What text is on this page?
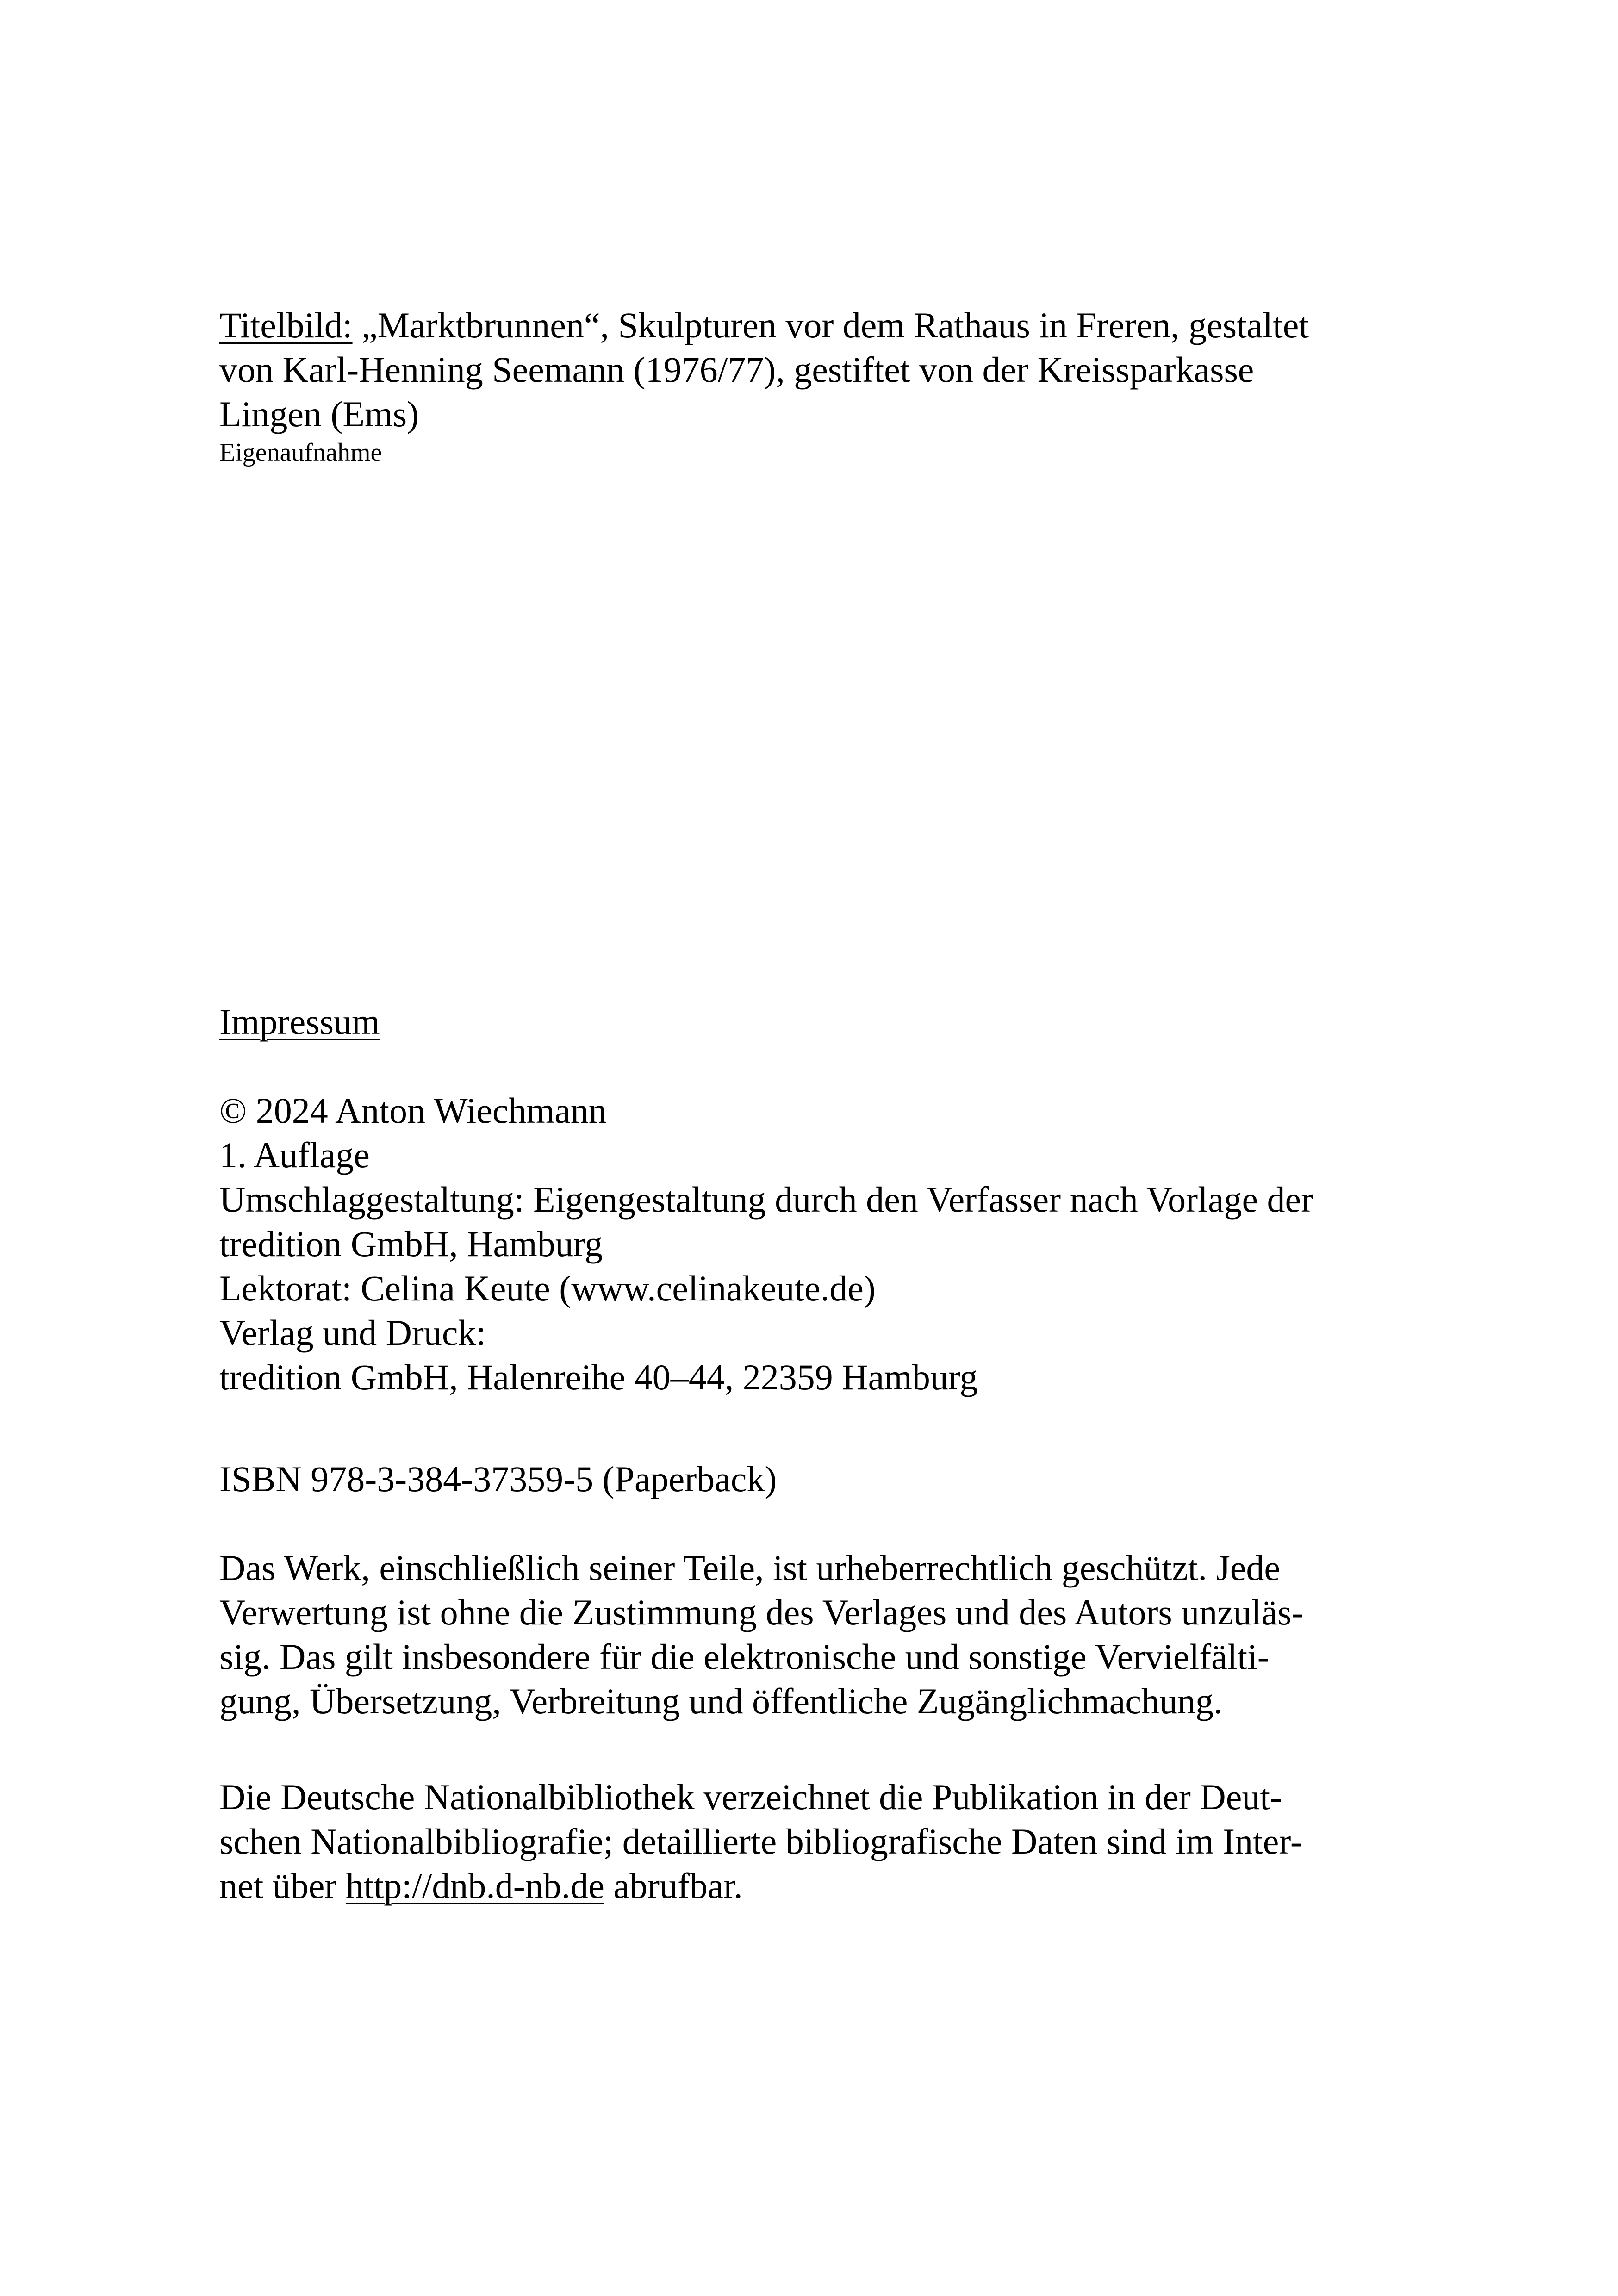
Titelbild: „Marktbrunnen“, Skulpturen vor dem Rathaus in Freren, gestaltet
von Karl-Henning Seemann (1976/77), gestiftet von der Kreissparkasse
Lingen (Ems)
Eigenaufnahme
Impressum
© 2024 Anton Wiechmann
1. Auflage
Umschlaggestaltung: Eigengestaltung durch den Verfasser nach Vorlage der
tredition GmbH, Hamburg
Lektorat: Celina Keute (www.celinakeute.de)
Verlag und Druck:
tredition GmbH, Halenreihe 40–44, 22359 Hamburg
ISBN 978-3-384-37359-5 (Paperback)
Das Werk, einschließlich seiner Teile, ist urheberrechtlich geschützt. Jede
Verwertung ist ohne die Zustimmung des Verlages und des Autors unzuläs-
sig. Das gilt insbesondere für die elektronische und sonstige Vervielfälti-
gung, Übersetzung, Verbreitung und öffentliche Zugänglichmachung.
Die Deutsche Nationalbibliothek verzeichnet die Publikation in der Deut-
schen Nationalbibliografie; detaillierte bibliografische Daten sind im Inter-
net über http://dnb.d-nb.de abrufbar.
